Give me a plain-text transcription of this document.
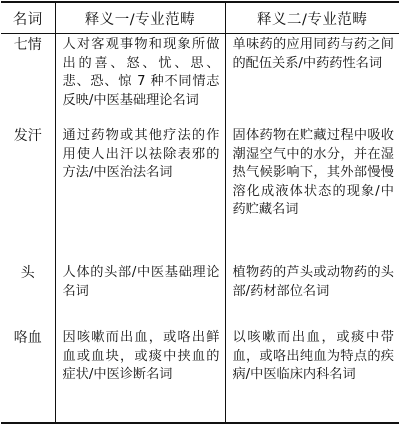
名词	释义一/专业范畴	释义二/专业范畴
七情	人对客观事物和现象所做出的喜、怒、忧、思、悲、恐、惊 7 种不同情志反映/中医基础理论名词	单味药的应用同药与药之间的配伍关系/中药药性名词
发汗	通过药物或其他疗法的作用使人出汗以祛除表邪的方法/中医治法名词	固体药物在贮藏过程中吸收潮湿空气中的水分，并在湿热气候影响下，其外部慢慢溶化成液体状态的现象/中药贮藏名词
头	人体的头部/中医基础理论名词	植物药的芦头或动物药的头部/药材部位名词
咯血	因咳嗽而出血，或咯出鲜血或血块，或痰中挟血的症状/中医诊断名词	以咳嗽而出血，或痰中带血，或咯出纯血为特点的疾病/中医临床内科名词
